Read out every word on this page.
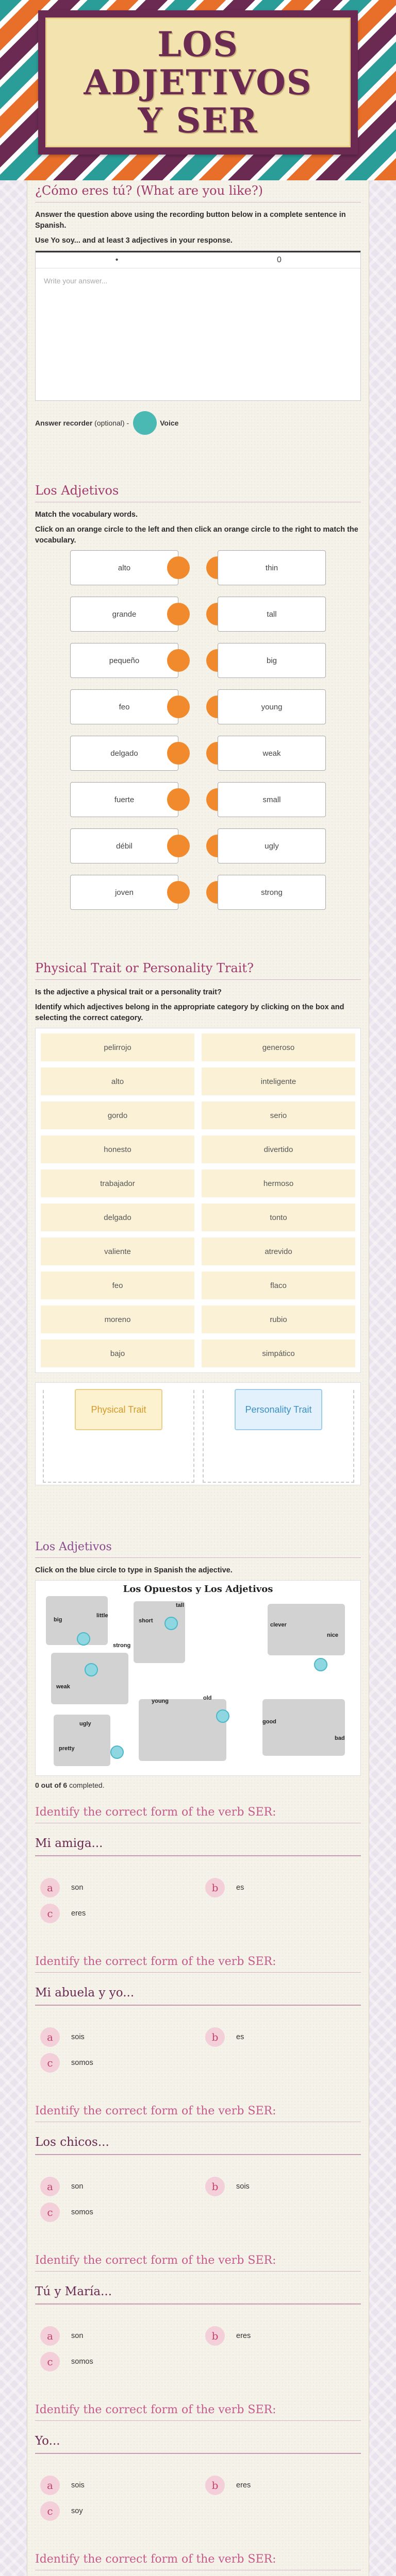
LOS ADJETIVOS Y SER
¿Cómo eres tú? (What are you like?)
Answer the question above using the recording button below in a complete sentence in Spanish.
Use Yo soy... and at least 3 adjectives in your response.
•	0
Write your answer...
Answer recorder
(optional)
-	Voice
Los Adjetivos
Match the vocabulary words.
Click on an orange circle to the left and then click an orange circle to the right to match the vocabulary.
alto	thin
grande	tall
pequeño	big
feo	young
delgado	weak
fuerte	small
débil	ugly
joven	strong
Physical Trait or Personality Trait?
Is the adjective a physical trait or a personality trait?
Identify which adjectives belong in the appropriate category by clicking on the box and selecting the correct category.
pelirrojo	generoso
alto	inteligente
gordo	serio
honesto	divertido
trabajador	hermoso
delgado	tonto
valiente	atrevido
feo	flaco
moreno	rubio
bajo	simpático
Physical Trait	Personality Trait
Los Adjetivos
Click on the blue circle to type in Spanish the adjective.
Los Opuestos y Los Adjetivos
big
little
short
tall
strong
weak
clever
nice
ugly
pretty
young	old
good
bad
0 out of 6 completed.
Identify the correct form of the verb SER:
Mi amiga...
a	son	b	es
c	eres
Identify the correct form of the verb SER:
Mi abuela y yo...
a	sois	b	es
c	somos
Identify the correct form of the verb SER:
Los chicos...
a	son	b	sois
c	somos
Identify the correct form of the verb SER:
Tú y María...
a	son	b	eres
c	somos
Identify the correct form of the verb SER:
Yo...
a	sois	b	eres
c	soy
Identify the correct form of the verb SER:
